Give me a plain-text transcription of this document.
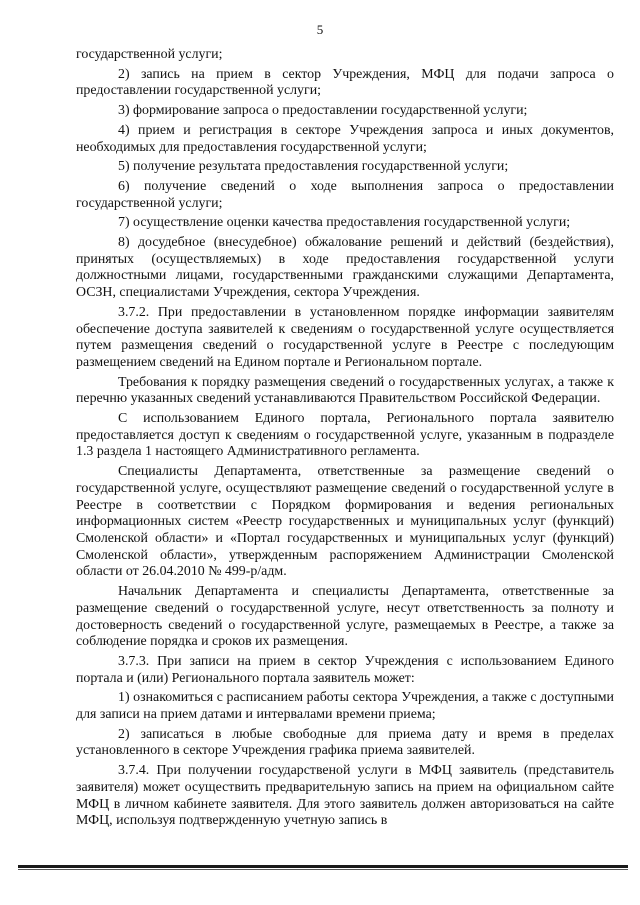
5

государственной услуги;

2) запись на прием в сектор Учреждения, МФЦ для подачи запроса о предоставлении государственной услуги;

3) формирование запроса о предоставлении государственной услуги;

4) прием и регистрация в секторе Учреждения запроса и иных документов, необходимых для предоставления государственной услуги;

5) получение результата предоставления государственной услуги;

6) получение сведений о ходе выполнения запроса о предоставлении государственной услуги;

7) осуществление оценки качества предоставления государственной услуги;

8) досудебное (внесудебное) обжалование решений и действий (бездействия), принятых (осуществляемых) в ходе предоставления государственной услуги должностными лицами, государственными гражданскими служащими Департамента, ОСЗН, специалистами Учреждения, сектора Учреждения.

3.7.2. При предоставлении в установленном порядке информации заявителям обеспечение доступа заявителей к сведениям о государственной услуге осуществляется путем размещения сведений о государственной услуге в Реестре с последующим размещением сведений на Едином портале и Региональном портале.

Требования к порядку размещения сведений о государственных услугах, а также к перечню указанных сведений устанавливаются Правительством Российской Федерации.

С использованием Единого портала, Регионального портала заявителю предоставляется доступ к сведениям о государственной услуге, указанным в подразделе 1.3 раздела 1 настоящего Административного регламента.

Специалисты Департамента, ответственные за размещение сведений о государственной услуге, осуществляют размещение сведений о государственной услуге в Реестре в соответствии с Порядком формирования и ведения региональных информационных систем «Реестр государственных и муниципальных услуг (функций) Смоленской области» и «Портал государственных и муниципальных услуг (функций) Смоленской области», утвержденным распоряжением Администрации Смоленской области от 26.04.2010 № 499-р/адм.

Начальник Департамента и специалисты Департамента, ответственные за размещение сведений о государственной услуге, несут ответственность за полноту и достоверность сведений о государственной услуге, размещаемых в Реестре, а также за соблюдение порядка и сроков их размещения.

3.7.3. При записи на прием в сектор Учреждения с использованием Единого портала и (или) Регионального портала заявитель может:

1) ознакомиться с расписанием работы сектора Учреждения, а также с доступными для записи на прием датами и интервалами времени приема;

2) записаться в любые свободные для приема дату и время в пределах установленного в секторе Учреждения графика приема заявителей.

3.7.4. При получении государственой услуги в МФЦ заявитель (представитель заявителя) может осуществить предварительную запись на прием на официальном сайте МФЦ в личном кабинете заявителя. Для этого заявитель должен авторизоваться на сайте МФЦ, используя подтвержденную учетную запись в
